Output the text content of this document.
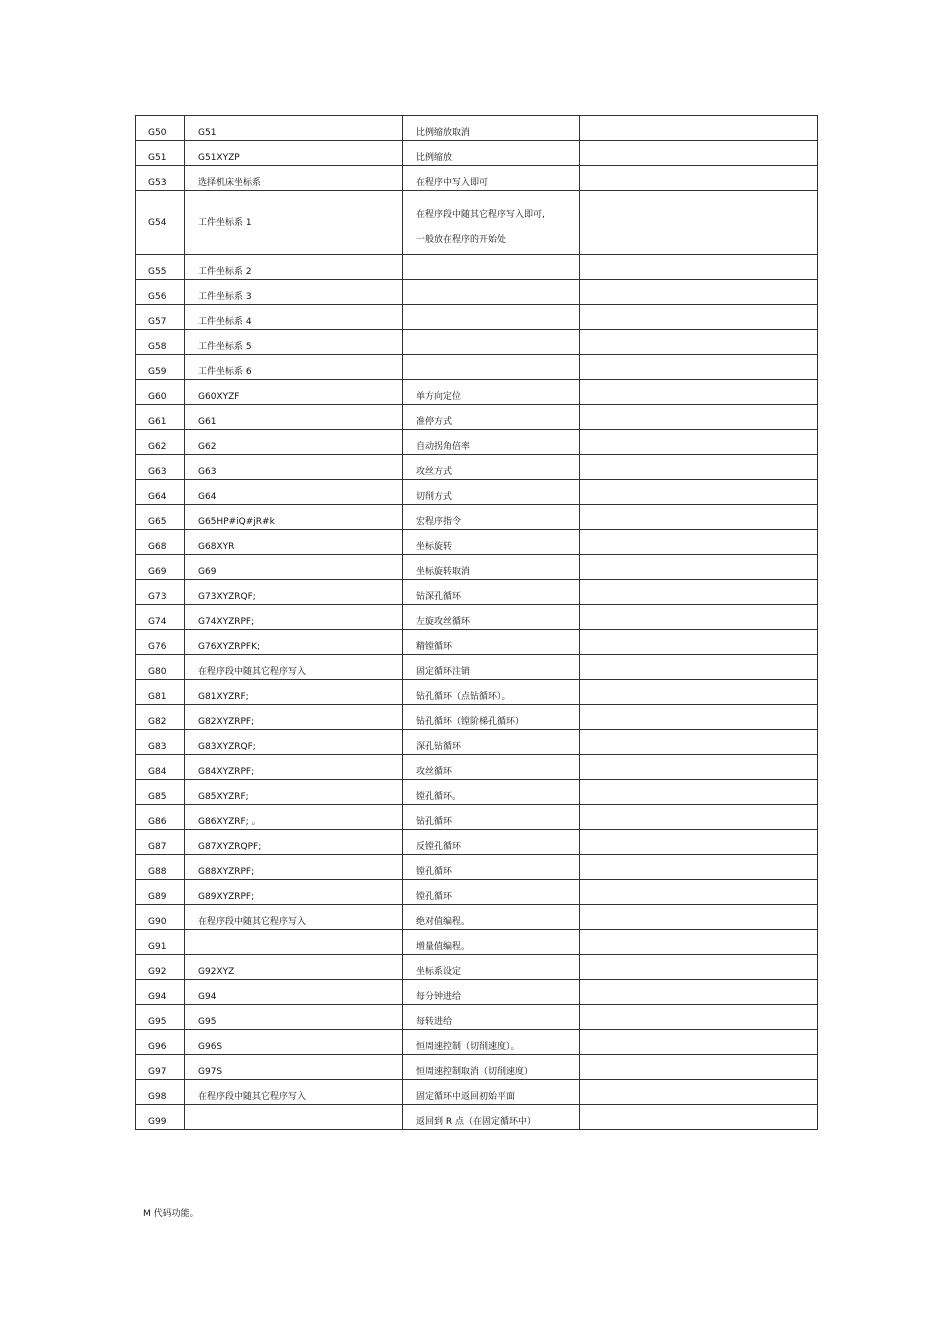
G50	G51	比例缩放取消	
G51	G51XYZP	比例缩放	
G53	选择机床坐标系	在程序中写入即可	
G54	工件坐标系 1	在程序段中随其它程序写入即可,
一般放在程序的开始处	

G55	工件坐标系 2		
G56	工件坐标系 3		
G57	工件坐标系 4		
G58	工件坐标系 5		
G59	工件坐标系 6		
G60	G60XYZF	单方向定位	
G61	G61	准停方式	
G62	G62	自动拐角倍率	
G63	G63	攻丝方式	
G64	G64	切削方式	
G65	G65HP#iQ#jR#k	宏程序指令	
G68	G68XYR	坐标旋转	
G69	G69	坐标旋转取消	
G73	G73XYZRQF;	钻深孔循环	
G74	G74XYZRPF;	左旋攻丝循环	
G76	G76XYZRPFK;	精镗循环	
G80	在程序段中随其它程序写入	固定循环注销	
G81	G81XYZRF;	钻孔循环（点钻循环）。	
G82	G82XYZRPF;	钻孔循环（镗阶梯孔循环）	
G83	G83XYZRQF;	深孔钻循环	
G84	G84XYZRPF;	攻丝循环	
G85	G85XYZRF;	镗孔循环。	
G86	G86XYZRF; 。	钻孔循环	
G87	G87XYZRQPF;	反镗孔循环	
G88	G88XYZRPF;	镗孔循环	
G89	G89XYZRPF;	镗孔循环	
G90	在程序段中随其它程序写入	绝对值编程。	
G91		增量值编程。	
G92	G92XYZ	坐标系设定	
G94	G94	每分钟进给	
G95	G95	每转进给	
G96	G96S	恒周速控制（切削速度）。	
G97	G97S	恒周速控制取消（切削速度）	
G98	在程序段中随其它程序写入	固定循环中返回初始平面	
G99		返回到 R 点（在固定循环中）	
M 代码功能。
